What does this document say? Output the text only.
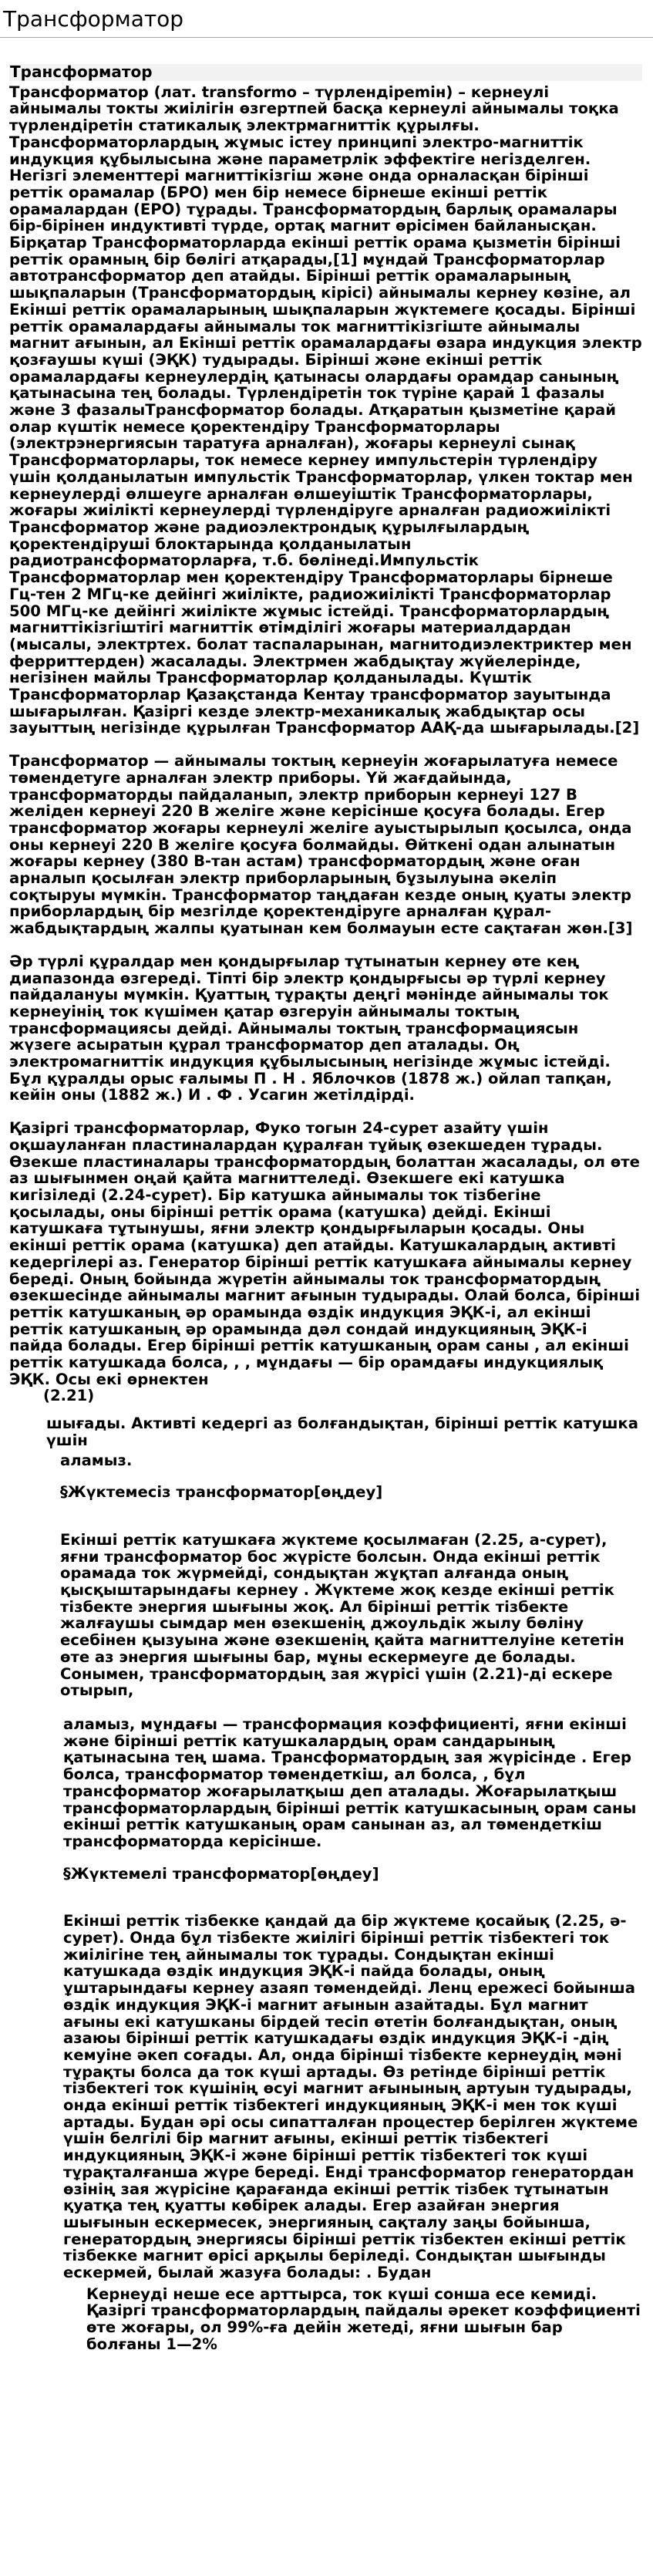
Трансформатор
Трансформатор

Трансформатор (лат. transformo – түрлендірemін) – кернеулі айнымалы токты жиілігін өзгертпей басқа кернеулі айнымалы тоқка түрлендіретін статикалық электрмагниттік құрылғы. Трансформаторлардың жұмыс істеу принципі электро-магниттік индукция құбылысына және параметрлік эффектіге негізделген. Негізгі элементтері магниттікізгіш және онда орналасқан бірінші реттік орамалар (БРО) мен бір немесе бірнеше екінші реттік орамалардан (ЕРО) тұрады. Трансформатордың барлық орамалары бір-бірінен индуктивті түрде, ортақ магнит өрісімен байланысқан. Бірқатар Трансформаторларда екінші реттік орама қызметін бірінші реттік орамның бір бөлігі атқарады,[1] мұндай Трансформаторлар автотрансформатор деп атайды. Бірінші реттік орамаларының шықпаларын (Трансформатордың кірісі) айнымалы кернеу көзіне, ал Екінші реттік орамаларының шықпаларын жүктемеге қосады. Бірінші реттік орамалардағы айнымалы ток магниттікізгіште айнымалы магнит ағынын, ал Екінші реттік орамалардағы өзара индукция электр қозғаушы күші (ЭҚК) тудырады. Бірінші және екінші реттік орамалардағы кернеулердің қатынасы олардағы орамдар санының қатынасына тең болады. Түрлендіретін ток түріне қарай 1 фазалы және 3 фазалыТрансформатор болады. Атқаратын қызметіне қарай олар күштік немесе қоректендіру Трансформаторлары (электрэнергиясын таратуға арналған), жоғары кернеулі сынақ Трансформаторлары, ток немесе кернеу импульстерін түрлендіру үшін қолданылатын импульстік Трансформаторлар, үлкен токтар мен кернеулердi өлшеуге арналған өлшеуіштік Трансформаторлары, жоғары жиілікті кернеулерді түрлендіруге арналған радиожиілікті Трансформатор және радиоэлектрондық құрылғылардың қоректендіруші блоктарында қолданылатын радиотрансформаторларға, т.б. бөлінеді.Импульстік Трансформаторлар мен қоректендіру Трансформаторлары бірнеше Гц-тен 2 МГц-ке дейінгі жиілікте, радиожиілікті Трансформаторлар 500 МГц-ке дейінгі жиілікте жұмыс істейді. Трансформаторлардың магниттікізгіштігі магниттік өтімділігі жоғары материалдардан (мысалы, электртех. болат таспаларынан, магнитодиэлектриктер мен ферриттерден) жасалады. Электрмен жабдықтау жүйелерінде, негізінен майлы Трансформаторлар қолданылады. Күштік Трансформаторлар Қазақстанда Кентау трансформатор зауытында шығарылған. Қазіргі кезде электр-механикалық жабдықтар осы зауыттың негізінде құрылған Трансформатор ААҚ-да шығарылады.[2]

Трансформатор — айнымалы токтың кернеуін жоғарылатуға немесе төмендетуге арналған электр приборы. Үй жағдайында, трансформаторды пайдаланып, электр приборын кернеуі 127 В желіден кернеуі 220 В желіге және керісінше қосуға болады. Егер трансформатор жоғары кернеулі желіге ауыстырылып қосылса, онда оны кернеуі 220 В желіге қосуға болмайды. Өйткені одан алынатын жоғары кернеу (380 В-тан астам) трансформатордың және оған арналып қосылған электр приборларының бұзылуына әкеліп соқтыруы мүмкін. Трансформатор таңдаған кезде оның қуаты электр приборлардың бір мезгілде қоректендіруге арналған құрал-жабдықтардың жалпы қуатынан кем болмауын есте сақтаған жөн.[3]

Әр түрлі құралдар мен қондырғылар тұтынатын кернеу өте кең диапазонда өзгереді. Тіпті бір электр қондырғысы әр түрлі кернеу пайдалануы мүмкін. Қуаттың тұрақты деңгі мәнінде айнымалы ток кернеуінің ток күшімен қатар өзгеруін айнымалы токтың трансформациясы дейді. Айнымалы токтың трансформациясын жүзеге асыратын құрал трансформатор деп аталады. Оң электромагниттік индукция құбылысының негізінде жұмыс істейді. Бұл құралды орыс ғалымы П . Н . Яблочков (1878 ж.) ойлап тапқан, кейін оны (1882 ж.) И . Ф . Усагин жетілдірді.

Қазіргі трансформаторлар, Фуко тогын 24-сурет азайту үшін оқшауланған пластиналардан құралған тұйық өзекшеден тұрады. Өзекше пластиналары трансформатордың болаттан жасалады, ол өте аз шығынмен оңай қайта магниттеледі. Өзекшеге екі катушка кигізіледі (2.24-сурет). Бір катушка айнымалы ток тізбегіне қосылады, оны бірінші реттік орама (катушка) дейді. Екінші катушкаға тұтынушы, яғни электр қондырғыларын қосады. Оны екінші реттік орама (катушка) деп атайды. Катушкалардың активті кедергілері аз. Генератор бірінші реттік катушкаға айнымалы кернеу береді. Оның бойында жүретін айнымалы ток трансформатордың өзекшесінде айнымалы магнит ағынын тудырады. Олай болса, бірінші реттік катушканың әр орамында өздік индукция ЭҚК-і, ал екінші реттік катушканың әр орамында дәл сондай индукцияның ЭҚК-і пайда болады. Егер бірінші реттік катушканың орам саны , ал екінші реттік катушкада болса, , , мұндағы — бір орамдағы индукциялық ЭҚК. Осы екі өрнектен

(2.21)

шығады. Активті кедергі аз болғандықтан, бірінші реттік катушка үшін

аламыз.

§Жүктемесіз трансформатор[өңдеу]

Екінші реттік катушкаға жүктеме қосылмаған (2.25, а-сурет), яғни трансформатор бос жүрісте болсын. Онда екінші реттік орамада ток жүрмейді, сондықтан жұқтап алғанда оның қысқыштарындағы кернеу . Жүктеме жоқ кезде екінші реттік тізбекте энергия шығыны жоқ. Ал бірінші реттік тізбекте жалғаушы сымдар мен өзекшенің джоульдік жылу бөліну есебінен қызуына және өзекшенің қайта магниттелуіне кететін өте аз энергия шығыны бар, мұны ескермеуге де болады. Сонымен, трансформатордың зая жүрісі үшін (2.21)-ді ескере отырып,

аламыз, мұндағы — трансформация коэффициенті, яғни екінші және бірінші реттік катушкалардың орам сандарының қатынасына тең шама. Трансформатордың зая жүрісінде . Егер болса, трансформатор төмендеткіш, ал болса, , бұл трансформатор жоғарылатқыш деп аталады. Жоғарылатқыш трансформаторлардың бірінші реттік катушкасының орам саны екінші реттік катушканың орам санынан аз, ал төмендеткіш трансформаторда керісінше.

§Жүктемелі трансформатор[өңдеу]

Екінші реттік тізбекке қандай да бір жүктеме қосайық (2.25, ә-сурет). Онда бұл тізбекте жиілігі бірінші реттік тізбектегі ток жиілігіне тең айнымалы ток тұрады. Сондықтан екінші катушкада өздік индукция ЭҚК-і пайда болады, оның ұштарындағы кернеу азаяп төмендейді. Ленц ережесі бойынша өздік индукция ЭҚК-і магнит ағынын азайтады. Бұл магнит ағыны екі катушканы бірдей тесіп өтетін болғандықтан, оның азаюы бірінші реттік катушкадағы өздік индукция ЭҚК-і -дің кемуіне әкеп соғады. Ал, онда бірінші тізбекте кернеудің мәні тұрақты болса да ток күші артады. Өз ретінде бірінші реттік тізбектегі ток күшінің өсуі магнит ағынының артуын тудырады, онда екінші реттік тізбектегі индукцияның ЭҚК-і мен ток күші артады. Будан әрі осы сипатталған процестер берілген жүктеме үшін белгілі бір магнит ағыны, екінші реттік тізбектегі индукцияның ЭҚК-і және бірінші реттік тізбектегі ток күші тұрақталғанша жүре береді. Енді трансформатор генератордан өзінің зая жүрісіне қарағанда екінші реттік тізбек тұтынатын қуатқа тең қуатты көбірек алады. Егер азайған энергия шығынын ескермесек, энергияның сақталу заңы бойынша, генератордың энергиясы бірінші реттік тізбектен екінші реттік тізбекке магнит өрісі арқылы беріледі. Сондықтан шығынды ескермей, былай жазуға болады: . Будан

Кернеуді неше есе арттырса, ток күші сонша есе кемиді. Қазіргі трансформаторлардың пайдалы әрекет коэффициенті өте жоғары, ол 99%-ға дейін жетеді, яғни шығын бар болғаны 1—2%
